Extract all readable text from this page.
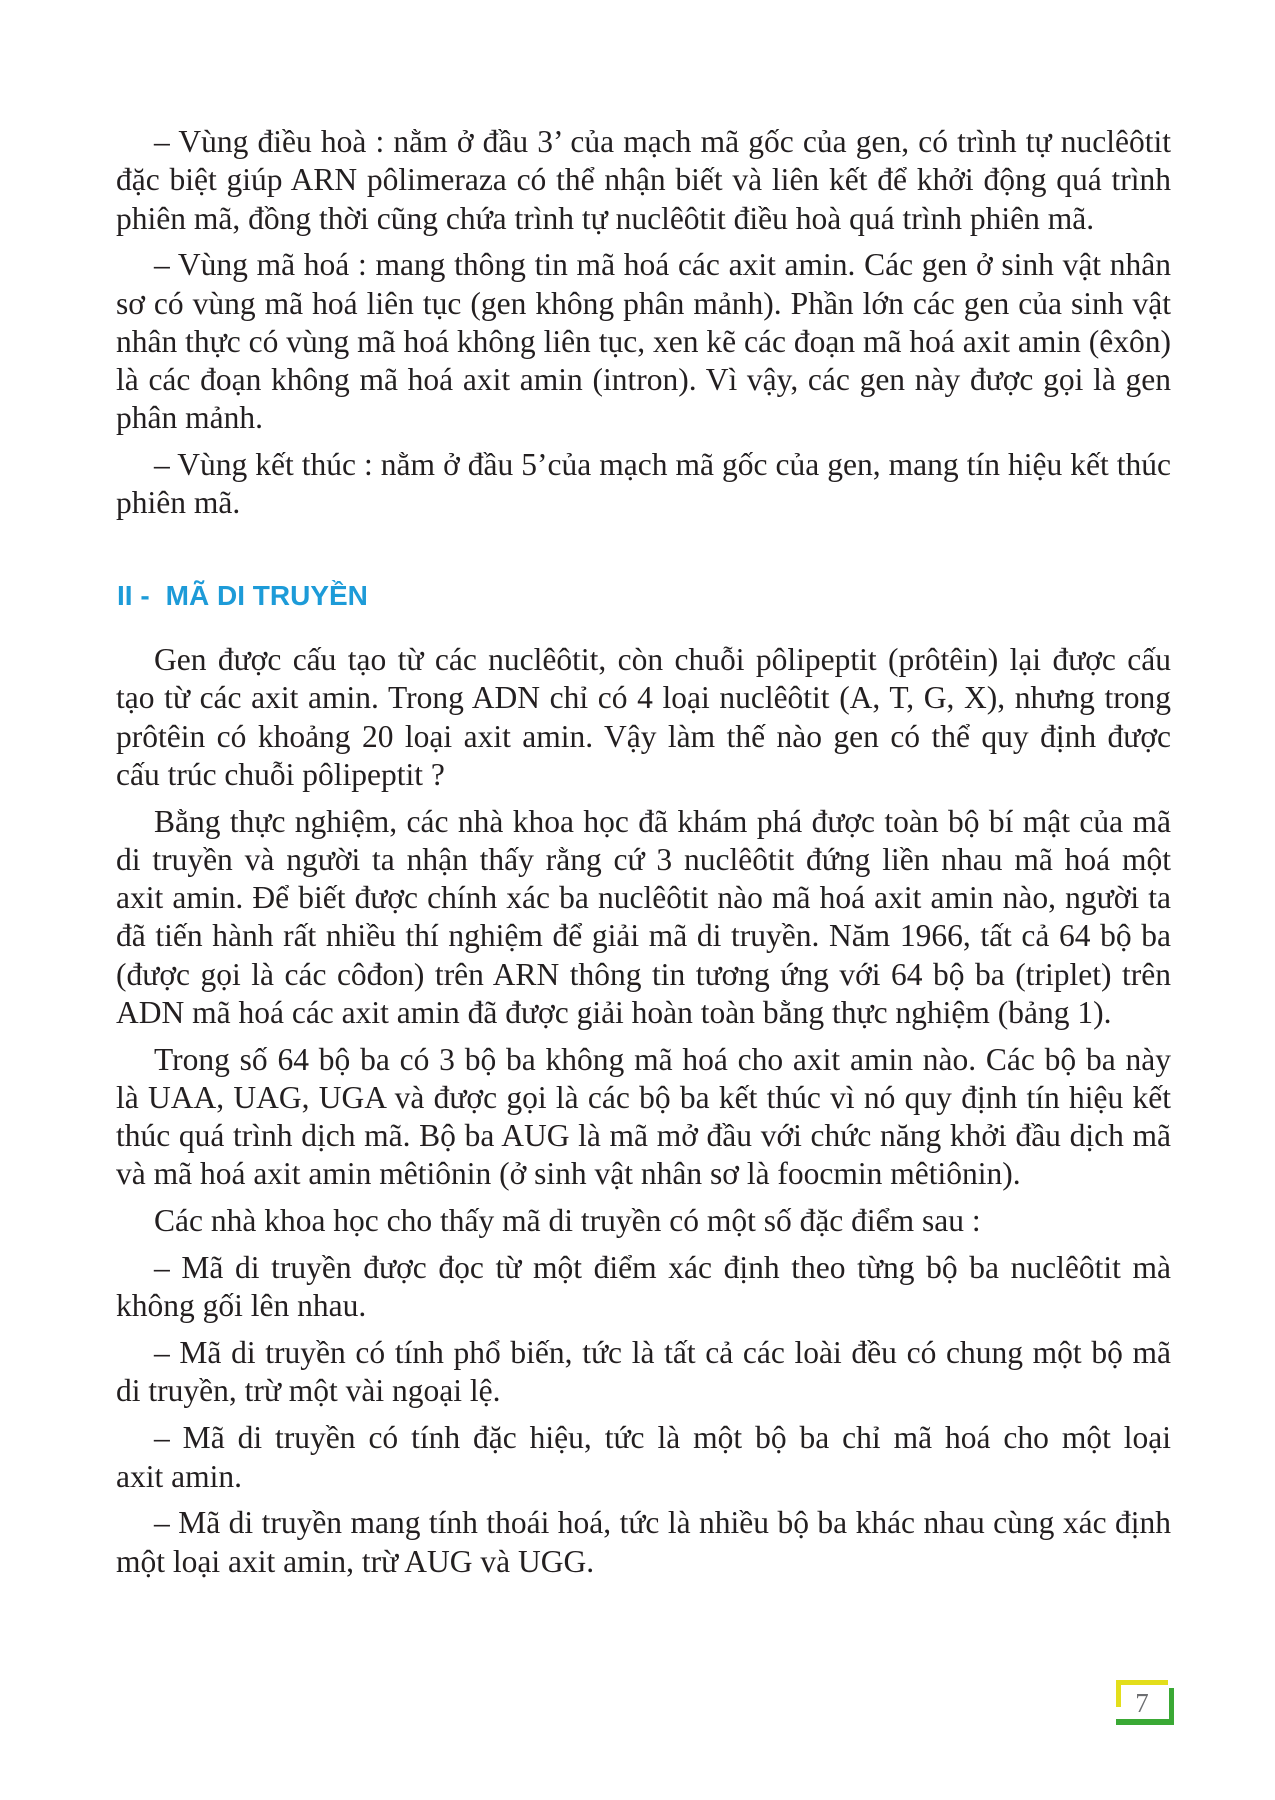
– Vùng điều hoà : nằm ở đầu 3’ của mạch mã gốc của gen, có trình tự nuclêôtit
đặc biệt giúp ARN pôlimeraza có thể nhận biết và liên kết để khởi động quá trình
phiên mã, đồng thời cũng chứa trình tự nuclêôtit điều hoà quá trình phiên mã.
– Vùng mã hoá : mang thông tin mã hoá các axit amin. Các gen ở sinh vật nhân
sơ có vùng mã hoá liên tục (gen không phân mảnh). Phần lớn các gen của sinh vật
nhân thực có vùng mã hoá không liên tục, xen kẽ các đoạn mã hoá axit amin (êxôn)
là các đoạn không mã hoá axit amin (intron). Vì vậy, các gen này được gọi là gen
phân mảnh.
– Vùng kết thúc : nằm ở đầu 5’của mạch mã gốc của gen, mang tín hiệu kết thúc
phiên mã.
II - MÃ DI TRUYỀN
Gen được cấu tạo từ các nuclêôtit, còn chuỗi pôlipeptit (prôtêin) lại được cấu
tạo từ các axit amin. Trong ADN chỉ có 4 loại nuclêôtit (A, T, G, X), nhưng trong
prôtêin có khoảng 20 loại axit amin. Vậy làm thế nào gen có thể quy định được
cấu trúc chuỗi pôlipeptit ?
Bằng thực nghiệm, các nhà khoa học đã khám phá được toàn bộ bí mật của mã
di truyền và người ta nhận thấy rằng cứ 3 nuclêôtit đứng liền nhau mã hoá một
axit amin. Để biết được chính xác ba nuclêôtit nào mã hoá axit amin nào, người ta
đã tiến hành rất nhiều thí nghiệm để giải mã di truyền. Năm 1966, tất cả 64 bộ ba
(được gọi là các côđon) trên ARN thông tin tương ứng với 64 bộ ba (triplet) trên
ADN mã hoá các axit amin đã được giải hoàn toàn bằng thực nghiệm (bảng 1).
Trong số 64 bộ ba có 3 bộ ba không mã hoá cho axit amin nào. Các bộ ba này
là UAA, UAG, UGA và được gọi là các bộ ba kết thúc vì nó quy định tín hiệu kết
thúc quá trình dịch mã. Bộ ba AUG là mã mở đầu với chức năng khởi đầu dịch mã
và mã hoá axit amin mêtiônin (ở sinh vật nhân sơ là foocmin mêtiônin).
Các nhà khoa học cho thấy mã di truyền có một số đặc điểm sau :
– Mã di truyền được đọc từ một điểm xác định theo từng bộ ba nuclêôtit mà
không gối lên nhau.
– Mã di truyền có tính phổ biến, tức là tất cả các loài đều có chung một bộ mã
di truyền, trừ một vài ngoại lệ.
– Mã di truyền có tính đặc hiệu, tức là một bộ ba chỉ mã hoá cho một loại
axit amin.
– Mã di truyền mang tính thoái hoá, tức là nhiều bộ ba khác nhau cùng xác định
một loại axit amin, trừ AUG và UGG.
7
